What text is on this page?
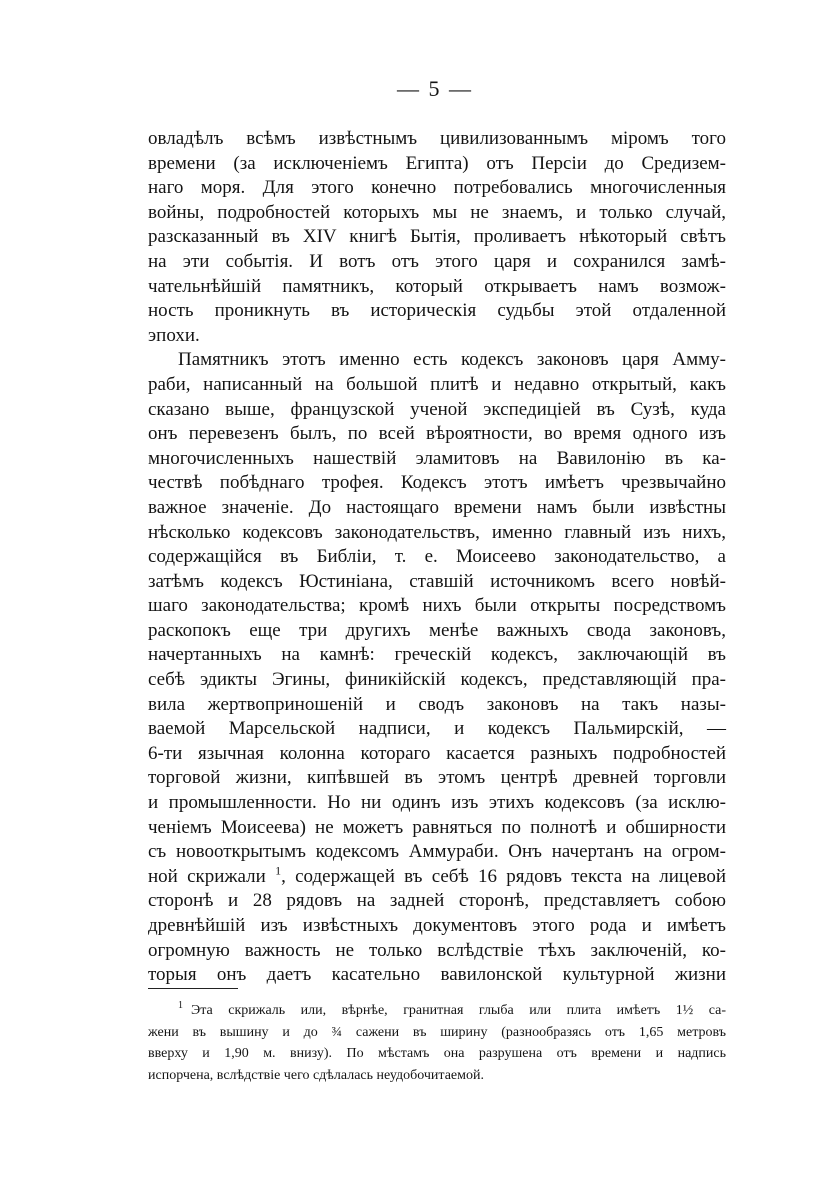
— 5 —
овладѣлъ всѣмъ извѣстнымъ цивилизованнымъ міромъ того
времени (за исключеніемъ Египта) отъ Персіи до Средизем-
наго моря. Для этого конечно потребовались многочисленныя
войны, подробностей которыхъ мы не знаемъ, и только случай,
разсказанный въ XIV книгѣ Бытія, проливаетъ нѣкоторый свѣтъ
на эти событія. И вотъ отъ этого царя и сохранился замѣ-
чательнѣйшій памятникъ, который открываетъ намъ возмож-
ность проникнуть въ историческія судьбы этой отдаленной
эпохи.
Памятникъ этотъ именно есть кодексъ законовъ царя Амму-
раби, написанный на большой плитѣ и недавно открытый, какъ
сказано выше, французской ученой экспедиціей въ Сузѣ, куда
онъ перевезенъ былъ, по всей вѣроятности, во время одного изъ
многочисленныхъ нашествій эламитовъ на Вавилонію въ ка-
чествѣ побѣднаго трофея. Кодексъ этотъ имѣетъ чрезвычайно
важное значеніе. До настоящаго времени намъ были извѣстны
нѣсколько кодексовъ законодательствъ, именно главный изъ нихъ,
содержащійся въ Библіи, т. е. Моисеево законодательство, а
затѣмъ кодексъ Юстиніана, ставшій источникомъ всего новѣй-
шаго законодательства; кромѣ нихъ были открыты посредствомъ
раскопокъ еще три другихъ менѣе важныхъ свода законовъ,
начертанныхъ на камнѣ: греческій кодексъ, заключающій въ
себѣ эдикты Эгины, финикійскій кодексъ, представляющій пра-
вила жертвоприношеній и сводъ законовъ на такъ назы-
ваемой Марсельской надписи, и кодексъ Пальмирскій, —
6-ти язычная колонна котораго касается разныхъ подробностей
торговой жизни, кипѣвшей въ этомъ центрѣ древней торговли
и промышленности. Но ни одинъ изъ этихъ кодексовъ (за исклю-
ченіемъ Моисеева) не можетъ равняться по полнотѣ и обширности
съ новооткрытымъ кодексомъ Аммураби. Онъ начертанъ на огром-
ной скрижали $^1$, содержащей въ себѣ 16 рядовъ текста на лицевой
сторонѣ и 28 рядовъ на задней сторонѣ, представляетъ собою
древнѣйшій изъ извѣстныхъ документовъ этого рода и имѣетъ
огромную важность не только вслѣдствіе тѣхъ заключеній, ко-
торыя онъ даетъ касательно вавилонской культурной жизни
$^1$ Эта скрижаль или, вѣрнѣе, гранитная глыба или плита имѣетъ 1½ са-
жени въ вышину и до ¾ сажени въ ширину (разнообразясь отъ 1,65 метровъ
вверху и 1,90 м. внизу). По мѣстамъ она разрушена отъ времени и надпись
испорчена, вслѣдствіе чего сдѣлалась неудобочитаемой.
